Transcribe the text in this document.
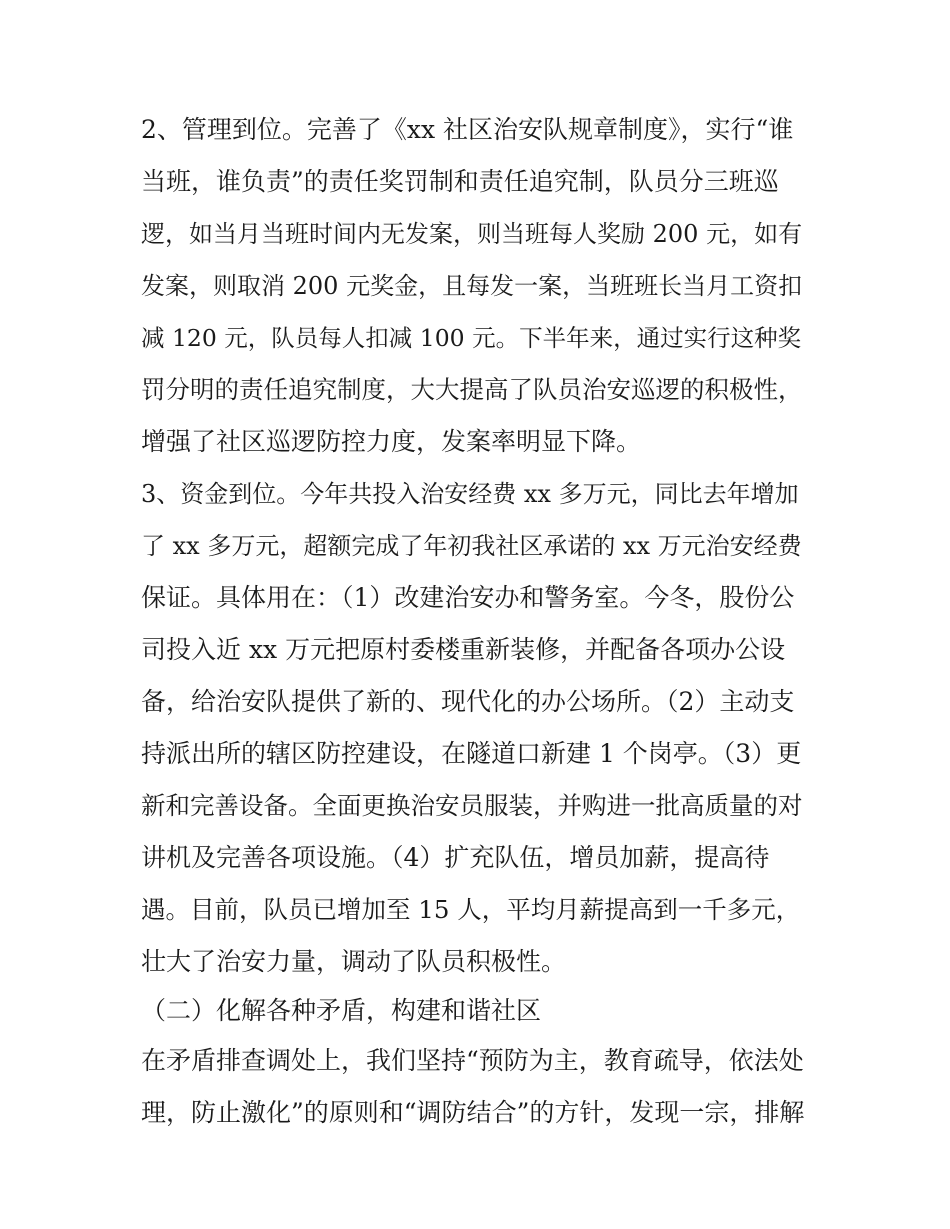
2、管理到位。完善了《xx 社区治安队规章制度》，实行“谁
当班，谁负责”的责任奖罚制和责任追究制，队员分三班巡
逻，如当月当班时间内无发案，则当班每人奖励 200 元，如有
发案，则取消 200 元奖金，且每发一案，当班班长当月工资扣
减 120 元，队员每人扣减 100 元。下半年来，通过实行这种奖
罚分明的责任追究制度，大大提高了队员治安巡逻的积极性，
增强了社区巡逻防控力度，发案率明显下降。
3、资金到位。今年共投入治安经费 xx 多万元，同比去年增加
了 xx 多万元，超额完成了年初我社区承诺的 xx 万元治安经费
保证。具体用在：（1）改建治安办和警务室。今冬，股份公
司投入近 xx 万元把原村委楼重新装修，并配备各项办公设
备，给治安队提供了新的、现代化的办公场所。（2）主动支
持派出所的辖区防控建设，在隧道口新建 1 个岗亭。（3）更
新和完善设备。全面更换治安员服装，并购进一批高质量的对
讲机及完善各项设施。（4）扩充队伍，增员加薪，提高待
遇。目前，队员已增加至 15 人，平均月薪提高到一千多元，
壮大了治安力量，调动了队员积极性。
（二）化解各种矛盾，构建和谐社区
在矛盾排查调处上，我们坚持“预防为主，教育疏导，依法处
理，防止激化”的原则和“调防结合”的方针，发现一宗，排解
